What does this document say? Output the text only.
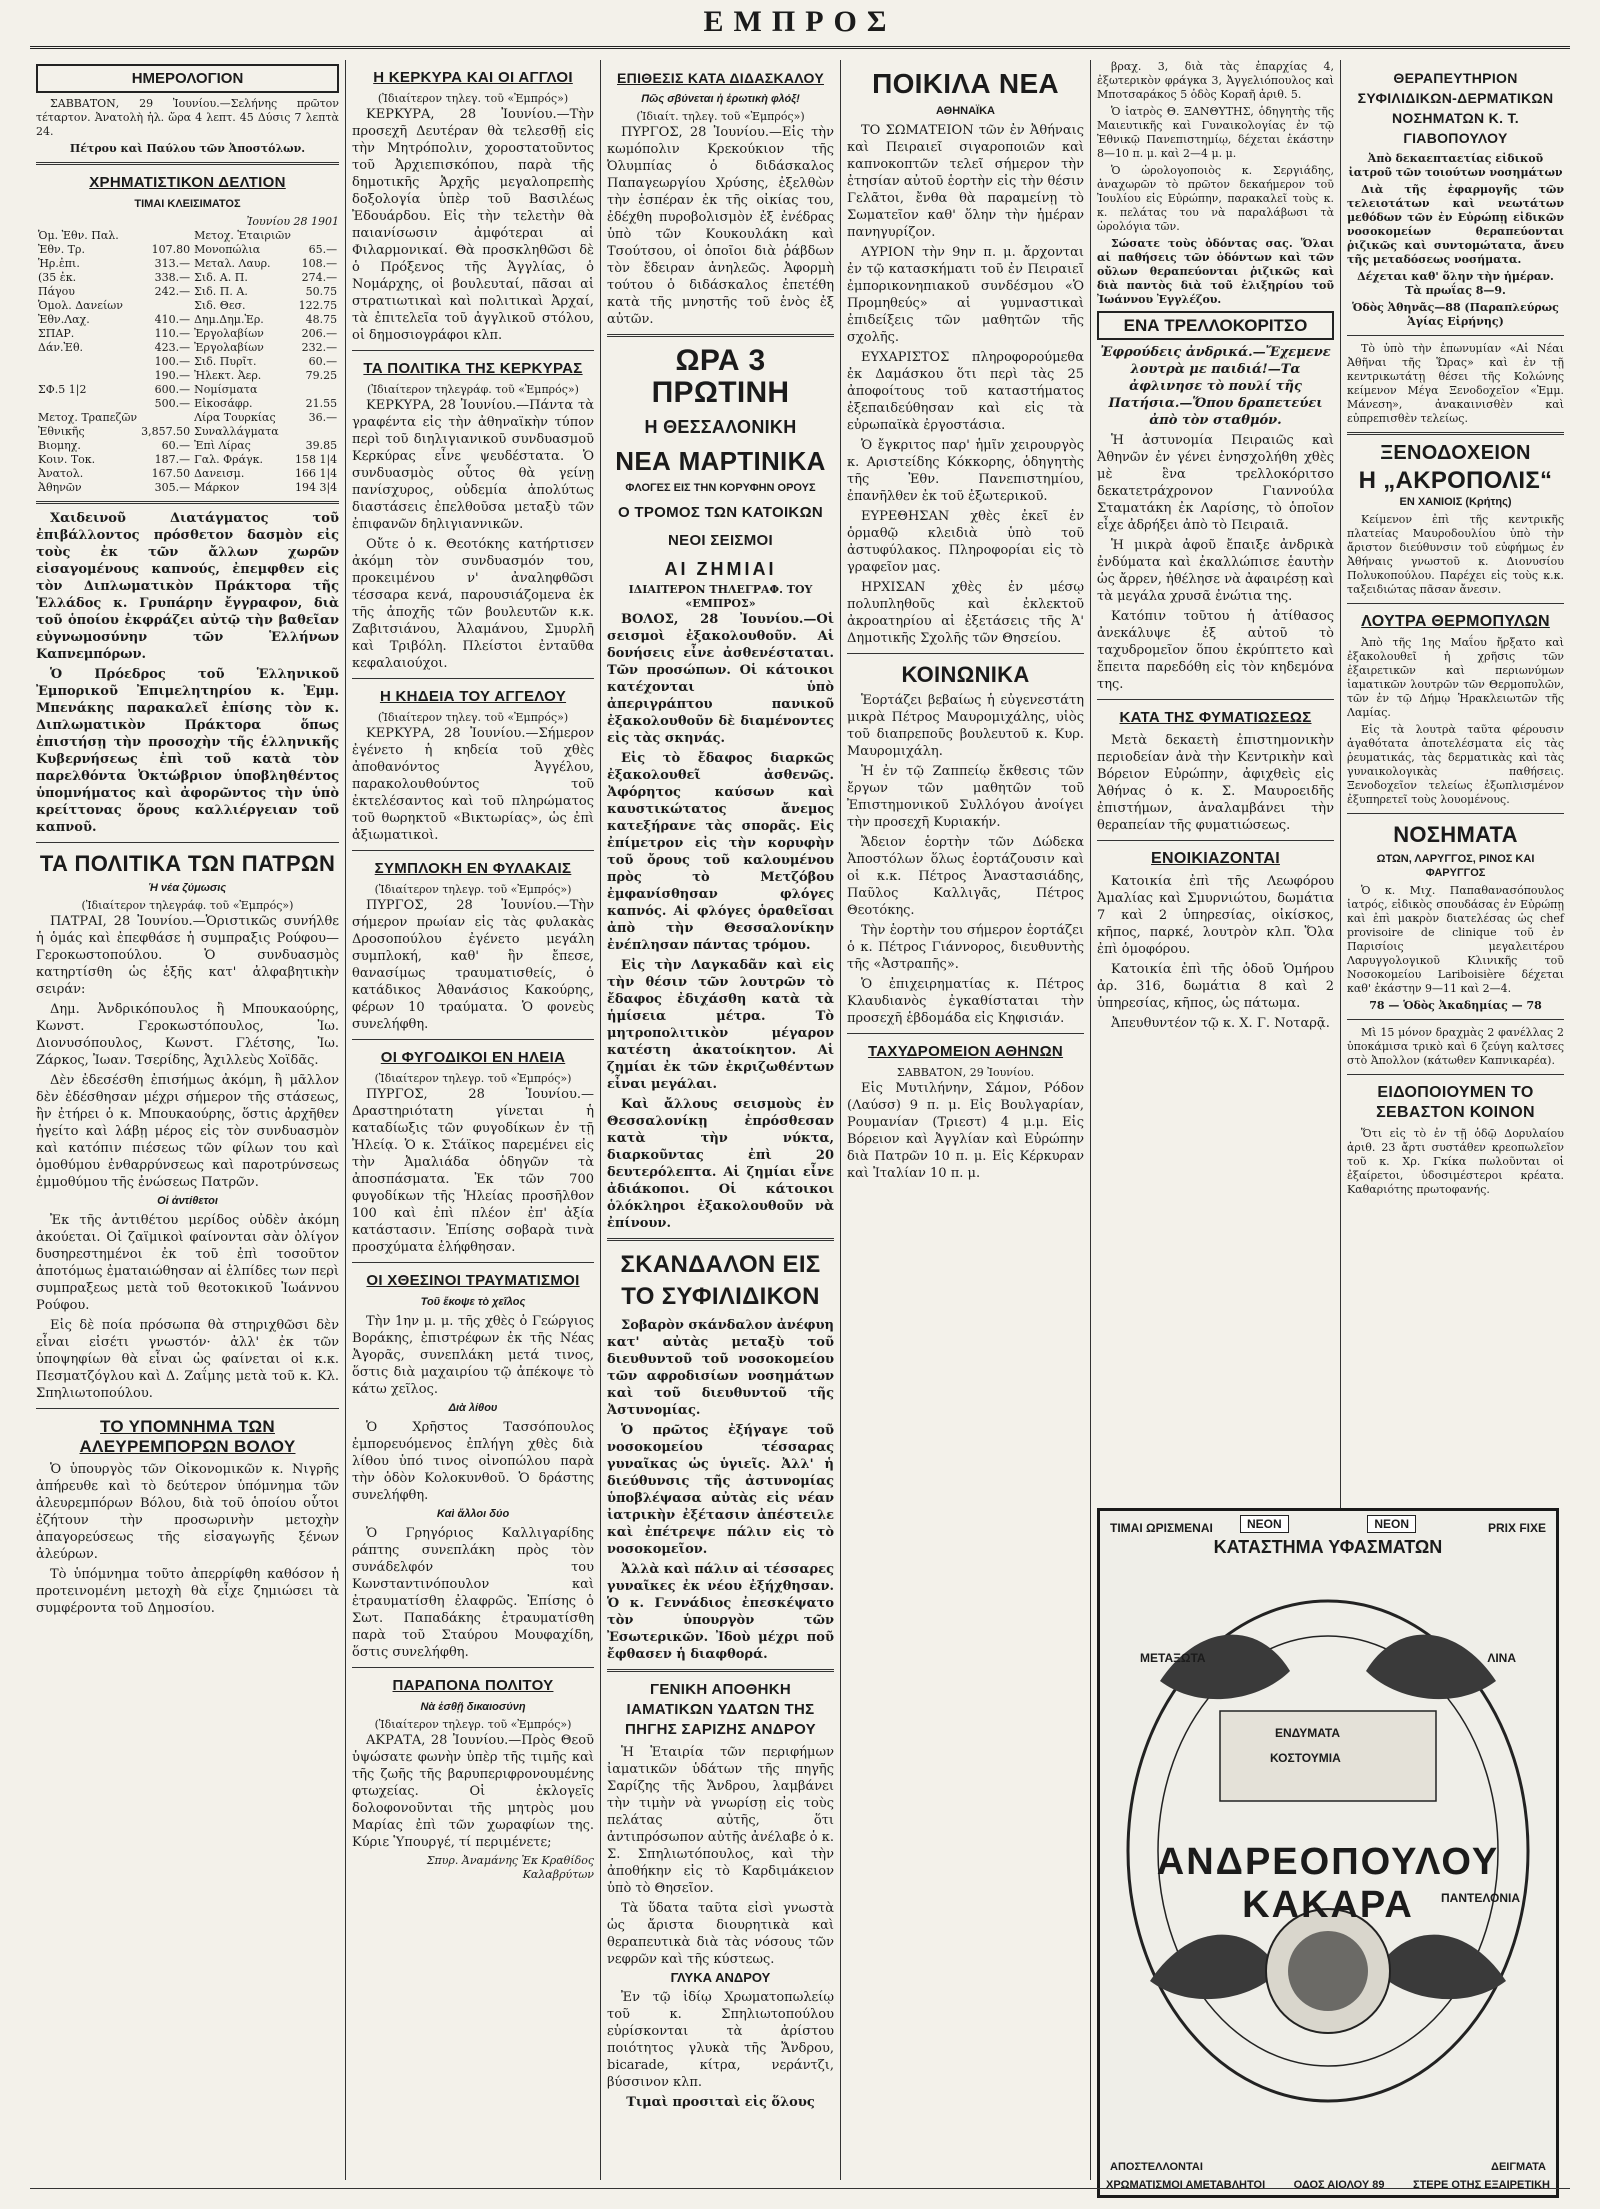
ΕΜΠΡΟΣ
ΗΜΕΡΟΛΟΓΙΟΝ

ΣΑΒΒΑΤΟΝ, 29 Ἰουνίου.—Σελήνης πρῶτον τέταρτον. Ἀνατολὴ ἡλ. ὥρα 4 λεπτ. 45 Δύσις 7 λεπτὰ 24.

Πέτρου καὶ Παύλου τῶν Ἀποστόλων.

ΧΡΗΜΑΤΙΣΤΙΚΟΝ ΔΕΛΤΙΟΝ
ΤΙΜΑΙ ΚΛΕΙΣΙΜΑΤΟΣ
Ἰουνίου 28 1901
Ὁμ. Ἐθν. Παλ.		Μετοχ. Ἑταιριῶν	
Ἐθν. Τρ.	107.80	Μονοπώλια	65.—
Ἡρ.ἐπι.	313.—	Μεταλ. Λαυρ.	108.—
(35 ἐκ.	338.—	Σιδ. Α. Π.	274.—
Πάγου	242.—	Σιδ. Π. Α.	50.75
Ὁμολ. Δανείων		Σιδ. Θεσ.	122.75
Ἐθν.Λαχ.	410.—	Δημ.Δημ.Ἐρ.	48.75
ΣΠΑΡ.	110.—	Ἐργολαβίων	206.—
Δάν.Ἐθ.	423.—	Ἐργολαβίων	232.—
	100.—	Σιδ. Πυρῖτ.	60.—
	190.—	Ἠλεκτ. Ἀερ.	79.25
ΣΦ.5 1|2	600.—	Νομίσματα	
	500.—	Εἰκοσάφρ.	21.55
Μετοχ. Τραπεζῶν		Λίρα Τουρκίας	36.—
Ἐθνικῆς	3,857.50	Συναλλάγματα	
Βιομηχ.	60.—	Ἐπὶ Λίρας	39.85
Κοιν. Τοκ.	187.—	Γαλ. Φράγκ.	158 1|4
Ἀνατολ.	167.50	Δανεισμ.	166 1|4
Ἀθηνῶν	305.—	Μάρκον	194 3|4

Χαιδεινοῦ Διατάγματος τοῦ ἐπιβάλλοντος πρόσθετον δασμὸν εἰς τοὺς ἐκ τῶν ἄλλων χωρῶν εἰσαγομένους καπνούς, ἐπεμφθεν εἰς τὸν Διπλωματικὸν Πράκτορα τῆς Ἑλλάδος κ. Γρυπάρην ἔγγραφον, διὰ τοῦ ὁποίου ἐκφράζει αὐτῷ τὴν βαθεῖαν εὐγνωμοσύνην τῶν Ἑλλήνων Καπνεμπόρων.

Ὁ Πρόεδρος τοῦ Ἑλληνικοῦ Ἐμπορικοῦ Ἐπιμελητηρίου κ. Ἐμμ. Μπενάκης παρακαλεῖ ἐπίσης τὸν κ. Διπλωματικὸν Πράκτορα ὅπως ἐπιστήσῃ τὴν προσοχὴν τῆς ἑλληνικῆς Κυβερνήσεως ἐπὶ τοῦ κατὰ τὸν παρελθόντα Ὀκτώβριον ὑποβληθέντος ὑπομνήματος καὶ ἀφορῶντος τὴν ὑπὸ κρείττονας ὅρους καλλιέργειαν τοῦ καπνοῦ.

ΤΑ ΠΟΛΙΤΙΚΑ ΤΩΝ ΠΑΤΡΩΝ
Ἡ νέα ζύμωσις
(Ἰδιαίτερον τηλεγράφ. τοῦ «Ἐμπρός»)

ΠΑΤΡΑΙ, 28 Ἰουνίου.—Ὁριστικῶς συνήλθε ἡ ὁμάς καὶ ἐπεφθάσε ἡ συμπραξις Ρούφου—Γεροκωστοπούλου. Ὁ συνδυασμὸς κατηρτίσθη ὡς ἑξῆς κατ' ἀλφαβητικὴν σειράν:

Δημ. Ἀνδρικόπουλος ἢ Μπουκαούρης, Κωνστ. Γεροκωστόπουλος, Ἰω. Διονυσόπουλος, Κωνστ. Γλέτσης, Ἰω. Ζάρκος, Ἰωαν. Τσερίδης, Ἀχιλλεὺς Χοϊδᾶς.

Δὲν ἐδεσέσθη ἐπισήμως ἀκόμη, ἢ μᾶλλον δὲν ἐδέσθησαν μέχρι σήμερον τῆς στάσεως, ἢν ἐτήρει ὁ κ. Μπουκαούρης, ὅστις ἀρχῆθεν ἠγείτο καὶ λάβῃ μέρος εἰς τὸν συνδυασμὸν καὶ κατόπιν πιέσεως τῶν φίλων του καὶ ὁμοθύμου ἐνθαρρύνσεως καὶ παροτρύνσεως ἐμμοθύμου τῆς ἐνώσεως Πατρῶν.

Οἱ ἀντίθετοι

Ἐκ τῆς ἀντιθέτου μερίδος οὐδὲν ἀκόμη ἀκούεται. Οἱ ζαϊμικοὶ φαίνονται σὰν ὀλίγον δυσηρεστημένοι ἐκ τοῦ ἐπὶ τοσοῦτον ἀποτόμως ἐματαιώθησαν αἱ ἐλπίδες των περὶ συμπραξεως μετὰ τοῦ θεοτοκικοῦ Ἰωάννου Ρούφου.

Εἰς δὲ ποία πρόσωπα θὰ στηριχθῶσι δὲν εἶναι εἰσέτι γνωστόν· ἀλλ' ἐκ τῶν ὑποψηφίων θὰ εἶναι ὡς φαίνεται οἱ κ.κ. Πεσματζόγλου καὶ Δ. Ζαΐμης μετὰ τοῦ κ. Κλ. Σπηλιωτοπούλου.

ΤΟ ΥΠΟΜΝΗΜΑ ΤΩΝ ΑΛΕΥΡΕΜΠΟΡΩΝ ΒΟΛΟΥ

Ὁ ὑπουργὸς τῶν Οἰκονομικῶν κ. Νιγρῆς ἀπήρευθε καὶ τὸ δεύτερον ὑπόμνημα τῶν ἀλευρεμπόρων Βόλου, διὰ τοῦ ὁποίου οὗτοι ἐζήτουν τὴν προσωρινὴν μετοχὴν ἀπαγορεύσεως τῆς εἰσαγωγῆς ξένων ἀλεύρων.

Τὸ ὑπόμνημα τοῦτο ἀπερρίφθη καθόσον ἡ προτεινομένη μετοχὴ θὰ εἶχε ζημιώσει τὰ συμφέροντα τοῦ Δημοσίου.

Η ΚΕΡΚΥΡΑ ΚΑΙ ΟΙ ΑΓΓΛΟΙ
(Ἰδιαίτερον τηλεγ. τοῦ «Ἐμπρός»)

ΚΕΡΚΥΡΑ, 28 Ἰουνίου.—Τὴν προσεχῆ Δευτέραν θὰ τελεσθῇ εἰς τὴν Μητρόπολιν, χοροστατοῦντος τοῦ Ἀρχιεπισκόπου, παρὰ τῆς δημοτικῆς Ἀρχῆς μεγαλοπρεπὴς δοξολογία ὑπὲρ τοῦ Βασιλέως Ἐδουάρδου. Εἰς τὴν τελετὴν θὰ παιανίσωσιν ἀμφότεραι αἱ Φιλαρμονικαί. Θὰ προσκληθῶσι δὲ ὁ Πρόξενος τῆς Ἀγγλίας, ὁ Νομάρχης, οἱ βουλευταί, πᾶσαι αἱ στρατιωτικαὶ καὶ πολιτικαὶ Ἀρχαί, τὰ ἐπιτελεῖα τοῦ ἀγγλικοῦ στόλου, οἱ δημοσιογράφοι κλπ.

ΤΑ ΠΟΛΙΤΙΚΑ ΤΗΣ ΚΕΡΚΥΡΑΣ
(Ἰδιαίτερον τηλεγράφ. τοῦ «Ἐμπρός»)

ΚΕΡΚΥΡΑ, 28 Ἰουνίου.—Πάντα τὰ γραφέντα εἰς τὴν ἀθηναϊκὴν τύπον περὶ τοῦ διηλιγιανικοῦ συνδυασμοῦ Κερκύρας εἶνε ψευδέστατα. Ὁ συνδυασμὸς οὗτος θὰ γείνῃ πανίσχυρος, οὐδεμία ἀπολύτως διαστάσεις ἐπελθοῦσα μεταξὺ τῶν ἐπιφανῶν δηλιγιαννικῶν.

Οὔτε ὁ κ. Θεοτόκης κατήρτισεν ἀκόμη τὸν συνδυασμόν του, προκειμένου ν' ἀναληφθῶσι τέσσαρα κενά, παρουσιάζομενα ἐκ τῆς ἀποχῆς τῶν βουλευτῶν κ.κ. Ζαβιτσιάνου, Ἀλαμάνου, Σμυρλῆ καὶ Τριβόλη. Πλείστοι ἐνταῦθα κεφαλαιούχοι.

Η ΚΗΔΕΙΑ ΤΟΥ ΑΓΓΕΛΟΥ
(Ἰδιαίτερον τηλεγ. τοῦ «Ἐμπρός»)

ΚΕΡΚΥΡΑ, 28 Ἰουνίου.—Σήμερον ἐγένετο ἡ κηδεία τοῦ χθὲς ἀποθανόντος Ἀγγέλου, παρακολουθούντος τοῦ ἐκτελέσαντος καὶ τοῦ πληρώματος τοῦ θωρηκτοῦ «Βικτωρίας», ὡς ἐπὶ ἀξιωματικοὶ.

ΣΥΜΠΛΟΚΗ ΕΝ ΦΥΛΑΚΑΙΣ
(Ἰδιαίτερον τηλεγρ. τοῦ «Ἐμπρός»)

ΠΥΡΓΟΣ, 28 Ἰουνίου.—Τὴν σήμερον πρωίαν εἰς τὰς φυλακὰς Δροσοπούλου ἐγένετο μεγάλη συμπλοκή, καθ' ἣν ἔπεσε, θανασίμως τραυματισθείς, ὁ κατάδικος Ἀθανάσιος Κακούρης, φέρων 10 τραύματα. Ὁ φονεὺς συνελήφθη.

ΟΙ ΦΥΓΟΔΙΚΟΙ ΕΝ ΗΛΕΙΑ
(Ἰδιαίτερον τηλεγρ. τοῦ «Ἐμπρός»)

ΠΥΡΓΟΣ, 28 Ἰουνίου.—Δραστηριότατη γίνεται ἡ καταδίωξις τῶν φυγοδίκων ἐν τῇ Ἠλείᾳ. Ὁ κ. Στάϊκος παρεμένει εἰς τὴν Ἀμαλιάδα ὁδηγῶν τὰ ἀποσπάσματα. Ἐκ τῶν 700 φυγοδίκων τῆς Ἠλείας προσῆλθον 100 καὶ ἐπὶ πλέον ἐπ' ἀξία κατάστασιν. Ἐπίσης σοβαρὰ τινὰ προσχύματα ἐλήφθησαν.

ΟΙ ΧΘΕΣΙΝΟΙ ΤΡΑΥΜΑΤΙΣΜΟΙ
Τοῦ ἔκοψε τὸ χεῖλος

Τὴν 1ην μ. μ. τῆς χθὲς ὁ Γεώργιος Βοράκης, ἐπιστρέφων ἐκ τῆς Νέας Ἀγορᾶς, συνεπλάκη μετά τινος, ὅστις διὰ μαχαιρίου τῷ ἀπέκοψε τὸ κάτω χεῖλος.

Διὰ λίθου

Ὁ Χρῆστος Τασσόπουλος ἐμπορευόμενος ἐπλήγη χθὲς διὰ λίθου ὑπό τινος οἰνοπώλου παρὰ τὴν ὁδὸν Κολοκυνθοῦ. Ὁ δράστης συνελήφθη.

Καὶ ἄλλοι δύο

Ὁ Γρηγόριος Καλλιγαρίδης ράπτης συνεπλάκη πρὸς τὸν συνάδελφόν του Κωνσταντινόπουλον καὶ ἐτραυματίσθη ἐλαφρῶς. Ἐπίσης ὁ Σωτ. Παπαδάκης ἐτραυματίσθη παρὰ τοῦ Σταύρου Μουφαχίδη, ὅστις συνελήφθη.

ΠΑΡΑΠΟΝΑ ΠΟΛΙΤΟΥ
Νὰ ἐσθῇ δικαιοσύνη
(Ἰδιαίτερον τηλεγρ. τοῦ «Ἐμπρός»)

ΑΚΡΑΤΑ, 28 Ἰουνίου.—Πρὸς Θεοῦ ὑψώσατε φωνὴν ὑπὲρ τῆς τιμῆς καὶ τῆς ζωῆς τῆς βαρυπεριφρονουμένης φτωχείας. Οἱ ἐκλογεῖς δολοφονοῦνται τῆς μητρὸς μου Μαρίας ἐπὶ τῶν χωραφίων της. Κύριε Ὑπουργέ, τί περιμένετε;

Σπυρ. Ἀναμάνης Ἐκ Κραθίδος Καλαβρύτων

ΕΠΙΘΕΣΙΣ ΚΑΤΑ ΔΙΔΑΣΚΑΛΟΥ
Πῶς σβύνεται ἡ ἐρωτικὴ φλόξ!
(Ἰδιαίτ. τηλεγ. τοῦ «Ἐμπρός»)

ΠΥΡΓΟΣ, 28 Ἰουνίου.—Εἰς τὴν κωμόπολιν Κρεκούκιον τῆς Ὀλυμπίας ὁ διδάσκαλος Παπαγεωργίου Χρύσης, ἐξελθὼν τὴν ἑσπέραν ἐκ τῆς οἰκίας του, ἐδέχθη πυροβολισμὸν ἐξ ἐνέδρας ὑπὸ τῶν Κουκουλάκη καὶ Τσούτσου, οἱ ὁποῖοι διὰ ῥάβδων τὸν ἔδειραν ἀνηλεῶς. Ἀφορμὴ τούτου ὁ διδάσκαλος ἐπετέθη κατὰ τῆς μνηστῆς τοῦ ἑνὸς ἐξ αὐτῶν.

ΩΡΑ 3 ΠΡΩΤΙΝΗ
Η ΘΕΣΣΑΛΟΝΙΚΗ
ΝΕΑ ΜΑΡΤΙΝΙΚΑ
ΦΛΟΓΕΣ ΕΙΣ ΤΗΝ ΚΟΡΥΦΗΝ ΟΡΟΥΣ
Ο ΤΡΟΜΟΣ ΤΩΝ ΚΑΤΟΙΚΩΝ
ΝΕΟΙ ΣΕΙΣΜΟΙ
ΑΙ ΖΗΜΙΑΙ
ΙΔΙΑΙΤΕΡΟΝ ΤΗΛΕΓΡΑΦ. ΤΟΥ «ΕΜΠΡΟΣ»

ΒΟΛΟΣ, 28 Ἰουνίου.—Οἱ σεισμοὶ ἐξακολουθοῦν. Αἱ δονήσεις εἶνε ἀσθενέσταται. Τῶν προσώπων. Οἱ κάτοικοι κατέχονται ὑπὸ ἀπεριγράπτου πανικοῦ ἐξακολουθοῦν δὲ διαμένοντες εἰς τὰς σκηνάς.

Εἰς τὸ ἔδαφος διαρκῶς ἐξακολουθεῖ ἀσθενῶς. Ἀφόρητος καύσων καὶ καυστικώτατος ἄνεμος κατεξήρανε τὰς σπορᾶς. Εἰς ἐπίμετρον εἰς τὴν κορυφὴν τοῦ ὄρους τοῦ καλουμένου πρὸς τὸ Μετζόβου ἐμφανίσθησαν φλόγες καπνός. Αἱ φλόγες ὁραθεῖσαι ἀπὸ τὴν Θεσσαλονίκην ἐνέπλησαν πάντας τρόμου.

Εἰς τὴν Λαγκαδᾶν καὶ εἰς τὴν θέσιν τῶν λουτρῶν τὸ ἔδαφος ἐδιχάσθη κατὰ τὰ ἡμίσεια μέτρα. Τὸ μητροπολιτικὸν μέγαρον κατέστη ἀκατοίκητον. Αἱ ζημίαι ἐκ τῶν ἐκριζωθέντων εἶναι μεγάλαι.

Καὶ ἄλλους σεισμοὺς ἐν Θεσσαλονίκῃ ἐπρόσθεσαν κατὰ τὴν νύκτα, διαρκοῦντας ἐπὶ 20 δευτερόλεπτα. Αἱ ζημίαι εἶνε ἀδιάκοποι. Οἱ κάτοικοι ὁλόκληροι ἐξακολουθοῦν νὰ ἐπίνουν.

ΣΚΑΝΔΑΛΟΝ ΕΙΣ ΤΟ ΣΥΦΙΛΙΔΙΚΟΝ

Σοβαρὸν σκάνδαλον ἀνέφυη κατ' αὐτὰς μεταξὺ τοῦ διευθυντοῦ τοῦ νοσοκομείου τῶν αφροδισίων νοσημάτων καὶ τοῦ διευθυντοῦ τῆς Ἀστυνομίας.

Ὁ πρῶτος ἐξήγαγε τοῦ νοσοκομείου τέσσαρας γυναῖκας ὡς ὑγιεῖς. Ἀλλ' ἡ διεύθυνσις τῆς ἀστυνομίας ὑποβλέψασα αὐτὰς εἰς νέαν ἰατρικὴν ἐξέτασιν ἀπέστειλε καὶ ἐπέτρεψε πάλιν εἰς τὸ νοσοκομεῖον.

Ἀλλὰ καὶ πάλιν αἱ τέσσαρες γυναῖκες ἐκ νέου ἐξήχθησαν. Ὁ κ. Γεννάδιος ἐπεσκέψατο τὸν ὑπουργὸν τῶν Ἐσωτερικῶν. Ἰδοὺ μέχρι ποῦ ἔφθασεν ἡ διαφθορά.

ΓΕΝΙΚΗ ΑΠΟΘΗΚΗ ΙΑΜΑΤΙΚΩΝ ΥΔΑΤΩΝ ΤΗΣ ΠΗΓΗΣ ΣΑΡΙΖΗΣ ΑΝΔΡΟΥ

Ἡ Ἑταιρία τῶν περιφήμων ἰαματικῶν ὑδάτων τῆς πηγῆς Σαρίζης τῆς Ἄνδρου, λαμβάνει τὴν τιμὴν νὰ γνωρίσῃ εἰς τοὺς πελάτας αὐτῆς, ὅτι ἀντιπρόσωπον αὐτῆς ἀνέλαβε ὁ κ. Σ. Σπηλιωτόπουλος, καὶ τὴν ἀποθήκην εἰς τὸ Καρδιμάκειον ὑπὸ τὸ Θησεῖον.

Τὰ ὕδατα ταῦτα εἰσὶ γνωστὰ ὡς ἄριστα διουρητικὰ καὶ θεραπευτικὰ διὰ τὰς νόσους τῶν νεφρῶν καὶ τῆς κύστεως.

ΓΛΥΚΑ ΑΝΔΡΟΥ

Ἐν τῷ ἰδίῳ Χρωματοπωλείῳ τοῦ κ. Σπηλιωτοπούλου εὑρίσκονται τὰ ἀρίστου ποιότητος γλυκὰ τῆς Ἄνδρου, bicarade, κίτρα, νεράντζι, βύσσινον κλπ.

Τιμαὶ προσιταὶ εἰς ὅλους

ΠΟΙΚΙΛΑ ΝΕΑ
ΑΘΗΝΑΪΚΑ

ΤΟ ΣΩΜΑΤΕΙΟΝ τῶν ἐν Ἀθήναις καὶ Πειραιεῖ σιγαροποιῶν καὶ καπνοκοπτῶν τελεῖ σήμερον τὴν ἐτησίαν αὐτοῦ ἑορτὴν εἰς τὴν θέσιν Γελᾶτοι, ἔνθα θὰ παραμείνῃ τὸ Σωματεῖον καθ' ὅλην τὴν ἡμέραν πανηγυρίζον.

ΑΥΡΙΟΝ τὴν 9ην π. μ. ἄρχονται ἐν τῷ κατασκήματι τοῦ ἐν Πειραιεῖ ἐμπορικονηπιακοῦ συνδέσμου «Ὁ Προμηθεύς» αἱ γυμναστικαὶ ἐπιδείξεις τῶν μαθητῶν τῆς σχολῆς.

ΕΥΧΑΡΙΣΤΟΣ πληροφορούμεθα ἐκ Δαμάσκου ὅτι περὶ τὰς 25 ἀποφοίτους τοῦ καταστήματος ἐξεπαιδεύθησαν καὶ εἰς τὰ εὐρωπαϊκὰ ἐργοστάσια.

Ὁ ἔγκριτος παρ' ἡμῖν χειρουργὸς κ. Αριστείδης Κόκκορης, ὁδηγητὴς τῆς Ἐθν. Πανεπιστημίου, ἐπανῆλθεν ἐκ τοῦ ἐξωτερικοῦ.

ΕΥΡΕΘΗΣΑΝ χθὲς ἐκεῖ ἐν ὁρμαθῷ κλειδιὰ ὑπὸ τοῦ ἀστυφύλακος. Πληροφορίαι εἰς τὸ γραφεῖον μας.

ΗΡΧΙΣΑΝ χθὲς ἐν μέσῳ πολυπληθοῦς καὶ ἐκλεκτοῦ ἀκροατηρίου αἱ ἐξετάσεις τῆς Ἀ' Δημοτικῆς Σχολῆς τῶν Θησείου.

ΚΟΙΝΩΝΙΚΑ

Ἑορτάζει βεβαίως ἡ εὐγενεστάτη μικρὰ Πέτρος Μαυρομιχάλης, υἱὸς τοῦ διαπρεποῦς βουλευτοῦ κ. Κυρ. Μαυρομιχάλη.

Ἡ ἐν τῷ Ζαππείῳ ἔκθεσις τῶν ἔργων τῶν μαθητῶν τοῦ Ἐπιστημονικοῦ Συλλόγου ἀνοίγει τὴν προσεχῆ Κυριακήν.

Ἄδειον ἑορτὴν τῶν Δώδεκα Ἀποστόλων ὅλως ἑορτάζουσιν καὶ οἱ κ.κ. Πέτρος Ἀναστασιάδης, Παῦλος Καλλιγᾶς, Πέτρος Θεοτόκης.

Τὴν ἑορτὴν του σήμερον ἑορτάζει ὁ κ. Πέτρος Γιάννορος, διευθυντὴς τῆς «Ἀστραπῆς».

Ὁ ἐπιχειρηματίας κ. Πέτρος Κλαυδιανὸς ἐγκαθίσταται τὴν προσεχῆ ἑβδομάδα εἰς Κηφισιάν.

ΤΑΧΥΔΡΟΜΕΙΟΝ ΑΘΗΝΩΝ
ΣΑΒΒΑΤΟΝ, 29 Ἰουνίου.

Εἰς Μυτιλήνην, Σάμον, Ρόδον (Λαύσσ) 9 π. μ. Εἰς Βουλγαρίαν, Ρουμανίαν (Τριεστ) 4 μ.μ. Εἰς Βόρειον καὶ Ἀγγλίαν καὶ Εὐρώπην διὰ Πατρῶν 10 π. μ. Εἰς Κέρκυραν καὶ Ἰταλίαν 10 π. μ.

βραχ. 3, διὰ τὰς ἐπαρχίας 4, ἐξωτερικὸν φράγκα 3, Ἀγγελιόπουλος καὶ Μποτσαράκος 5 ὁδὸς Κοραῆ ἀριθ. 5.

Ὁ ἰατρὸς Θ. ΞΑΝΘΥΤΗΣ, ὁδηγητὴς τῆς Μαιευτικῆς καὶ Γυναικολογίας ἐν τῷ Ἐθνικῷ Πανεπιστημίῳ, δέχεται ἑκάστην 8—10 π. μ. καὶ 2—4 μ. μ.

Ὁ ὡρολογοποιὸς κ. Σεργιάδης, ἀναχωρῶν τὸ πρῶτον δεκαήμερον τοῦ Ἰουλίου εἰς Εὐρώπην, παρακαλεῖ τοὺς κ. κ. πελάτας του νὰ παραλάβωσι τὰ ὡρολόγια τῶν.

Σώσατε τοὺς ὀδόντας σας. Ὅλαι αἱ παθήσεις τῶν ὀδόντων καὶ τῶν οὔλων θεραπεύονται ῥιζικῶς καὶ διὰ παντὸς διὰ τοῦ ἐλιξηρίου τοῦ Ἰωάννου Ἐγγλέζου.

ΕΝΑ ΤΡΕΛΛΟΚΟΡΙΤΣΟ

Ἐφρούδεις ἀνδρικά.—Ἔχεμενε λουτρὰ με παιδιά!—Τα ἀφλινησε τὸ πουλί τῆς Πατήσια.—Ὅπου δραπετεύει ἀπὸ τὸν σταθμόν.

Ἡ ἀστυνομία Πειραιῶς καὶ Ἀθηνῶν ἐν γένει ἐνησχολήθη χθὲς μὲ ἓνα τρελλοκόριτσο δεκατετράχρονον Γιαννούλα Σταματάκη ἐκ Λαρίσης, τὸ ὁποῖον εἶχε ἀδρήξει ἀπὸ τὸ Πειραιᾶ.

Ἡ μικρὰ ἀφοῦ ἔπαιξε ἀνδρικὰ ἐνδύματα καὶ ἐκαλλώπισε ἑαυτὴν ὡς ἄρρεν, ἠθέλησε νὰ ἀφαιρέσῃ καὶ τὰ μεγάλα χρυσᾶ ἐνώτια της.

Κατόπιν τοῦτου ἡ ἀτίθασος ἀνεκάλυψε ἐξ αὐτοῦ τὸ ταχυδρομεῖον ὅπου ἐκρύπτετο καὶ ἔπειτα παρεδόθη εἰς τὸν κηδεμόνα της.

ΚΑΤΑ ΤΗΣ ΦΥΜΑΤΙΩΣΕΩΣ

Μετὰ δεκαετὴ ἐπιστημονικὴν περιοδείαν ἀνὰ τὴν Κεντρικὴν καὶ Βόρειον Εὐρώπην, ἀφιχθεὶς εἰς Ἀθήνας ὁ κ. Σ. Μαυροειδῆς ἐπιστήμων, ἀναλαμβάνει τὴν θεραπείαν τῆς φυματιώσεως.

ΕΝΟΙΚΙΑΖΟΝΤΑΙ

Κατοικία ἐπὶ τῆς Λεωφόρου Ἀμαλίας καὶ Σμυρνιώτου, δωμάτια 7 καὶ 2 ὑπηρεσίας, οἰκίσκος, κῆπος, παρκέ, λουτρὸν κλπ. Ὅλα ἐπὶ ὁμοφόρου.

Κατοικία ἐπὶ τῆς ὁδοῦ Ὁμήρου ἀρ. 316, δωμάτια 8 καὶ 2 ὑπηρεσίας, κῆπος, ὡς πάτωμα.

Ἀπευθυντέον τῷ κ. Χ. Γ. Νοταρᾷ.

ΘΕΡΑΠΕΥΤΗΡΙΟΝ ΣΥΦΙΛΙΔΙΚΩΝ-ΔΕΡΜΑΤΙΚΩΝ ΝΟΣΗΜΑΤΩΝ Κ. Τ. ΓΙΑΒΟΠΟΥΛΟΥ

Ἀπὸ δεκαεπταετίας εἰδικοῦ ἰατροῦ τῶν τοιούτων νοσημάτων

Διὰ τῆς ἐφαρμογῆς τῶν τελειοτάτων καὶ νεωτάτων μεθόδων τῶν ἐν Εὐρώπῃ εἰδικῶν νοσοκομείων θεραπεύονται ῥιζικῶς καὶ συντομώτατα, ἄνευ τῆς μεταδόσεως νοσήματα.

Δέχεται καθ' ὅλην τὴν ἡμέραν. Τὰ πρωΐας 8—9.

Ὁδὸς Ἀθηνᾶς—88 (Παραπλεύρως Ἁγίας Εἰρήνης)

Τὸ ὑπὸ τὴν ἐπωνυμίαν «Αἱ Νέαι Ἀθῆναι τῆς Ὥρας» καὶ ἐν τῇ κεντρικωτάτῃ θέσει τῆς Κολώνης κείμενον Μέγα Ξενοδοχεῖον «Ἐμμ. Μάνεση», ἀνακαινισθὲν καὶ εὐπρεπισθὲν τελείως.

ΞΕΝΟΔΟΧΕΙΟΝ
Η „ΑΚΡΟΠΟΛΙΣ“
ΕΝ ΧΑΝΙΟΙΣ (Κρήτης)

Κείμενον ἐπὶ τῆς κεντρικῆς πλατείας Μαυροδουλίου ὑπὸ τὴν ἄριστον διεύθυνσιν τοῦ εὐφήμως ἐν Ἀθήναις γνωστοῦ κ. Διονυσίου Πολυκοπούλου. Παρέχει εἰς τοὺς κ.κ. ταξειδιώτας πᾶσαν ἄνεσιν.

ΛΟΥΤΡΑ ΘΕΡΜΟΠΥΛΩΝ

Ἀπὸ τῆς 1ης Μαΐου ἤρξατο καὶ ἐξακολουθεῖ ἡ χρῆσις τῶν ἐξαιρετικῶν καὶ περιωνύμων ἰαματικῶν λουτρῶν τῶν Θερμοπυλῶν, τῶν ἐν τῷ Δήμῳ Ἡρακλειωτῶν τῆς Λαμίας.

Εἰς τὰ λουτρὰ ταῦτα φέρουσιν ἀγαθότατα ἀποτελέσματα εἰς τὰς ῥευματικάς, τὰς δερματικὰς καὶ τὰς γυναικολογικὰς παθήσεις. Ξενοδοχεῖον τελείως ἐξωπλισμένον ἐξυπηρετεῖ τοὺς λουομένους.

ΝΟΣΗΜΑΤΑ
ΩΤΩΝ, ΛΑΡΥΓΓΟΣ, ΡΙΝΟΣ ΚΑΙ ΦΑΡΥΓΓΟΣ

Ὁ κ. Μιχ. Παπαθανασόπουλος ἰατρός, εἰδικὸς σπουδάσας ἐν Εὐρώπῃ καὶ ἐπὶ μακρὸν διατελέσας ὡς chef provisoire de clinique τοῦ ἐν Παρισίοις μεγαλειτέρου Λαρυγγολογικοῦ Κλινικῆς τοῦ Νοσοκομείου Lariboisière δέχεται καθ' ἑκάστην 9—11 καὶ 2—4.

78 — Ὁδὸς Ἀκαδημίας — 78

Μὶ 15 μόνον δραχμὰς 2 φανέλλας 2 ὑποκάμισα τρικὸ καὶ 6 ζεύγη καλτσες στὸ Ἀπολλον (κάτωθεν Καπνικαρέα).

ΕΙΔΟΠΟΙΟΥΜΕΝ ΤΟ ΣΕΒΑΣΤΟΝ ΚΟΙΝΟΝ

Ὅτι εἰς τὸ ἐν τῇ ὁδῷ Δορυλαίου ἀριθ. 23 ἄρτι συστάθεν κρεοπωλεῖον τοῦ κ. Χρ. Γκίκα πωλοῦνται οἱ ἐξαίρετοι, ὑδοσιμέστεροι κρέατα. Καθαριότης πρωτοφανής.

ΝΕΟΝ	ΝΕΟΝ
ΚΑΤΑΣΤΗΜΑ ΥΦΑΣΜΑΤΩΝ
ΤΙΜΑΙ ΩΡΙΣΜΕΝΑΙ	PRIX FIXE
ΜΕΤΑΞΩΤΑ	ΛΙΝΑ
ΕΝΔΥΜΑΤΑ
ΚΟΣΤΟΥΜΙΑ
ΠΑΝΤΕΛΟΝΙΑ
ΑΝΔΡΕΟΠΟΥΛΟΥ ΚΑΚΑΡΑ
ΑΠΟΣΤΕΛΛΟΝΤΑΙ	ΔΕΙΓΜΑΤΑ
ΧΡΩΜΑΤΙΣΜΟΙ ΑΜΕΤΑΒΛΗΤΟΙ	ΟΔΟΣ ΑΙΟΛΟΥ 89	ΣΤΕΡΕ ΟΤΗΣ ΕΞΑΙΡΕΤΙΚΗ
